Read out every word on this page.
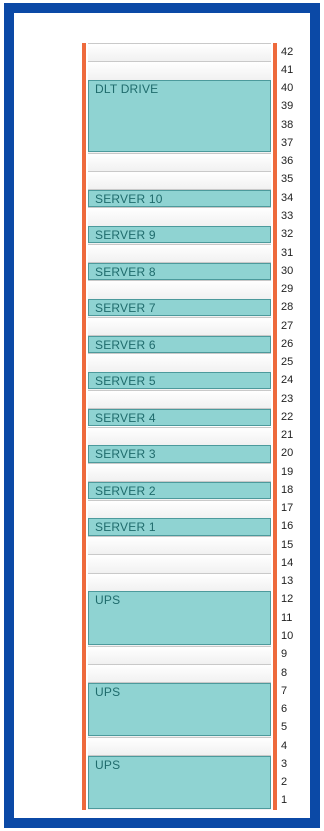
DLT DRIVE
SERVER 10
SERVER 9
SERVER 8
SERVER 7
SERVER 6
SERVER 5
SERVER 4
SERVER 3
SERVER 2
SERVER 1
UPS
UPS
UPS
42
41
40
39
38
37
36
35
34
33
32
31
30
29
28
27
26
25
24
23
22
21
20
19
18
17
16
15
14
13
12
11
10
9
8
7
6
5
4
3
2
1
